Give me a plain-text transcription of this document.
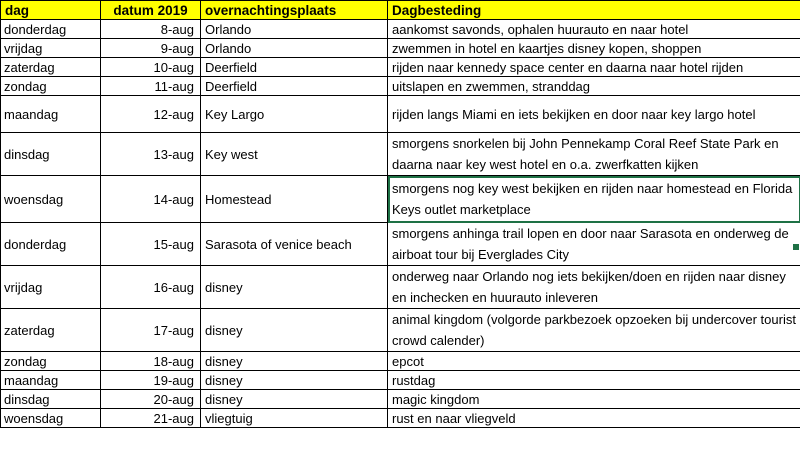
dag	datum 2019	overnachtingsplaats	Dagbesteding
donderdag	8-aug	Orlando	aankomst savonds, ophalen huurauto en naar hotel
vrijdag	9-aug	Orlando	zwemmen in hotel en kaartjes disney kopen, shoppen
zaterdag	10-aug	Deerfield	rijden naar kennedy space center en daarna naar hotel rijden
zondag	11-aug	Deerfield	uitslapen en zwemmen, stranddag
maandag	12-aug	Key Largo	rijden langs Miami en iets bekijken en door naar key largo hotel
dinsdag	13-aug	Key west	smorgens snorkelen bij John Pennekamp Coral Reef State Park en daarna naar key west hotel en o.a. zwerfkatten kijken
woensdag	14-aug	Homestead	smorgens nog key west bekijken en rijden naar homestead en Florida Keys outlet marketplace
donderdag	15-aug	Sarasota of venice beach	smorgens anhinga trail lopen en door naar Sarasota en onderweg de airboat tour bij Everglades City
vrijdag	16-aug	disney	onderweg naar Orlando nog iets bekijken/doen en rijden naar disney en inchecken en huurauto inleveren
zaterdag	17-aug	disney	animal kingdom (volgorde parkbezoek opzoeken bij undercover tourist crowd calender)
zondag	18-aug	disney	epcot
maandag	19-aug	disney	rustdag
dinsdag	20-aug	disney	magic kingdom
woensdag	21-aug	vliegtuig	rust en naar vliegveld
